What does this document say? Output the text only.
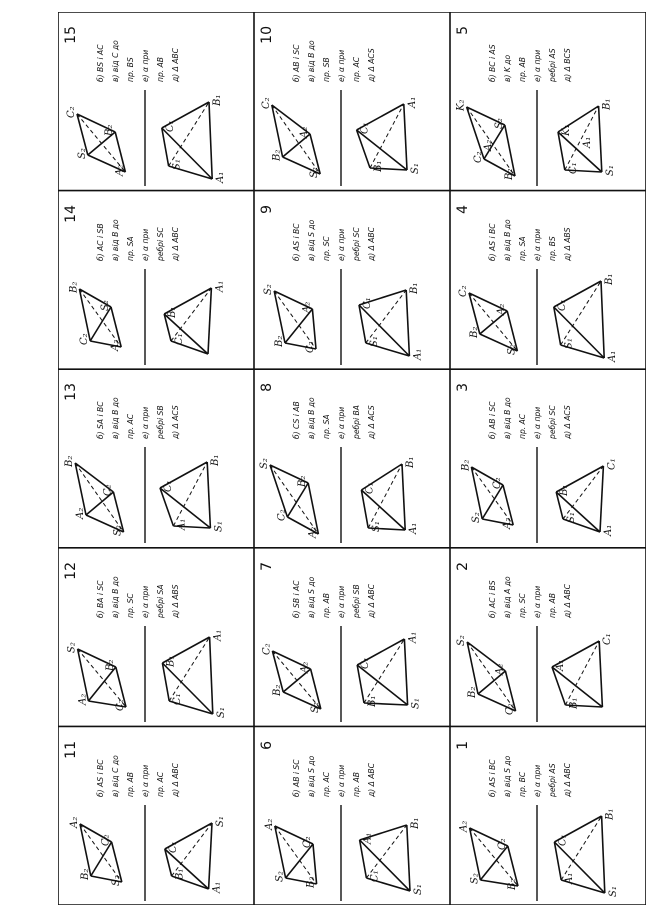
1
S₂
A₂
C₂
B₂
A₁
C₁
B₁
S₁
б) AS і BC в) від S до пр. BC е) α при ребрі AS д) Δ ABC
2
B₂
S₂
A₂
C₂
B₁
A₁
C₁
б) AC і BS в) від A до пр. SC е) α при пр. AB д) Δ ABC
3
S₂
B₂
C₂
A₂
S₁
B₁
C₁
A₁
б) AB і SC в) від B до пр. AC е) α при ребрі SC д) Δ ACS
4
B₂
C₂
A₂
S₂
S₁
C₁
B₁
A₁
б) AS і BC в) від B до пр. SA е) α при пр. BS д) Δ ABS
5
C₂
K₂
S₂
B₂
A₂
C₁
K₁
B₁
S₁
A₁
б) BC і AS в) K до пр. AB е) α при ребрі AS д) Δ BCS
6
S₂
A₂
C₂
B₂
C₁
A₁
B₁
S₁
б) AB і SC в) від S до пр. AC е) α при пр. AB д) Δ ABC
7
B₂
C₂
A₂
S₂
B₁
C₁
A₁
S₁
б) SB і AC в) від S до пр. AB е) α при ребрі SB д) Δ ABC
8
C₂
S₂
B₂
A₂
S₁
C₁
B₁
A₁
б) CS і AB в) від B до пр. SA е) α при ребрі BA д) Δ ACS
9
B₂
S₂
A₂
C₂	S₁
C₁
B₁
A₁
б) AS і BC в) від S до пр. SC е) α при ребрі SC д) Δ ABC
10
B₂
C₂
A₂
S₂
B₁
C₁
A₁
S₁
б) AB і SC в) від B до пр. SB е) α при пр. AC д) Δ ACS
11
B₂
A₂
C₂
S₂
B₁
C₁
S₁
A₁
б) AS і BC в) від C до пр. AB е) α при пр. AC д) Δ ABC
12
A₂
S₂
B₂
C₂
C₁
B₁
A₁
S₁
б) BA і SC в) від B до пр. SC е) α при ребрі SA д) Δ ABS
13
A₂
B₂
C₂
S₂
A₁
C₁
B₁
S₁
б) SA і BC в) від B до пр. AC е) α при ребрі SB д) Δ ACS
14
C₂
B₂
S₂
A₂
C₁
B₁
A₁
б) AC і SB в) від B до пр. SA е) α при ребрі SC д) Δ ABC
15
S₂
C₂
B₂
A₂
S₁
C₁
B₁
A₁
б) BS і AC в) від C до пр. BS е) α при пр. AB д) Δ ABC
